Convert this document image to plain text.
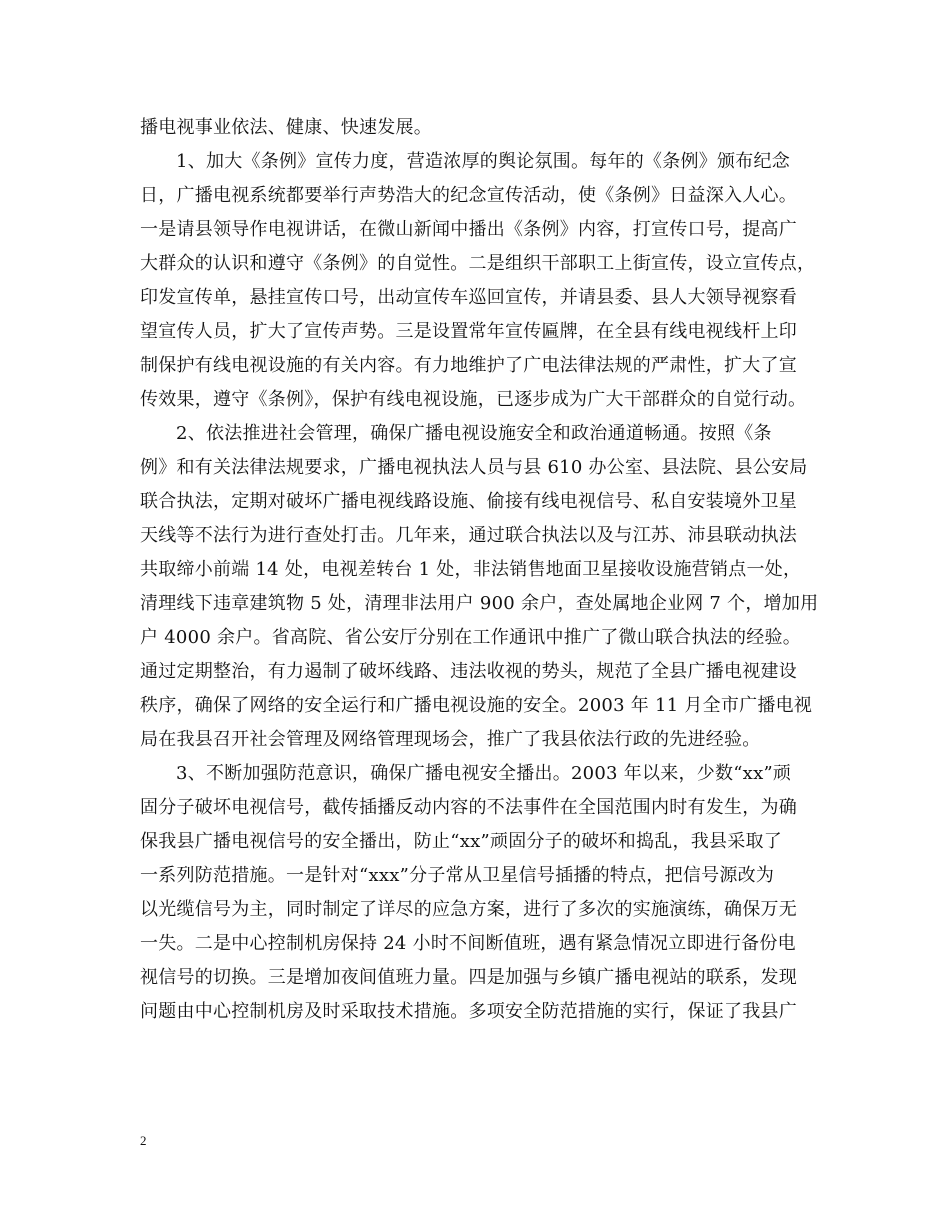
播电视事业依法、健康、快速发展。
1、加大《条例》宣传力度，营造浓厚的舆论氛围。每年的《条例》颁布纪念
日，广播电视系统都要举行声势浩大的纪念宣传活动，使《条例》日益深入人心。
一是请县领导作电视讲话，在微山新闻中播出《条例》内容，打宣传口号，提高广
大群众的认识和遵守《条例》的自觉性。二是组织干部职工上街宣传，设立宣传点，
印发宣传单，悬挂宣传口号，出动宣传车巡回宣传，并请县委、县人大领导视察看
望宣传人员，扩大了宣传声势。三是设置常年宣传匾牌，在全县有线电视线杆上印
制保护有线电视设施的有关内容。有力地维护了广电法律法规的严肃性，扩大了宣
传效果，遵守《条例》，保护有线电视设施，已逐步成为广大干部群众的自觉行动。
2、依法推进社会管理，确保广播电视设施安全和政治通道畅通。按照《条
例》和有关法律法规要求，广播电视执法人员与县 610 办公室、县法院、县公安局
联合执法，定期对破坏广播电视线路设施、偷接有线电视信号、私自安装境外卫星
天线等不法行为进行查处打击。几年来，通过联合执法以及与江苏、沛县联动执法
共取缔小前端 14 处，电视差转台 1 处，非法销售地面卫星接收设施营销点一处，
清理线下违章建筑物 5 处，清理非法用户 900 余户，查处属地企业网 7 个，增加用
户 4000 余户。省高院、省公安厅分别在工作通讯中推广了微山联合执法的经验。
通过定期整治，有力遏制了破坏线路、违法收视的势头，规范了全县广播电视建设
秩序，确保了网络的安全运行和广播电视设施的安全。2003 年 11 月全市广播电视
局在我县召开社会管理及网络管理现场会，推广了我县依法行政的先进经验。
3、不断加强防范意识，确保广播电视安全播出。2003 年以来，少数“xx”顽
固分子破坏电视信号，截传插播反动内容的不法事件在全国范围内时有发生，为确
保我县广播电视信号的安全播出，防止“xx”顽固分子的破坏和捣乱，我县采取了
一系列防范措施。一是针对“xxx”分子常从卫星信号插播的特点，把信号源改为
以光缆信号为主，同时制定了详尽的应急方案，进行了多次的实施演练，确保万无
一失。二是中心控制机房保持 24 小时不间断值班，遇有紧急情况立即进行备份电
视信号的切换。三是增加夜间值班力量。四是加强与乡镇广播电视站的联系，发现
问题由中心控制机房及时采取技术措施。多项安全防范措施的实行，保证了我县广
2
